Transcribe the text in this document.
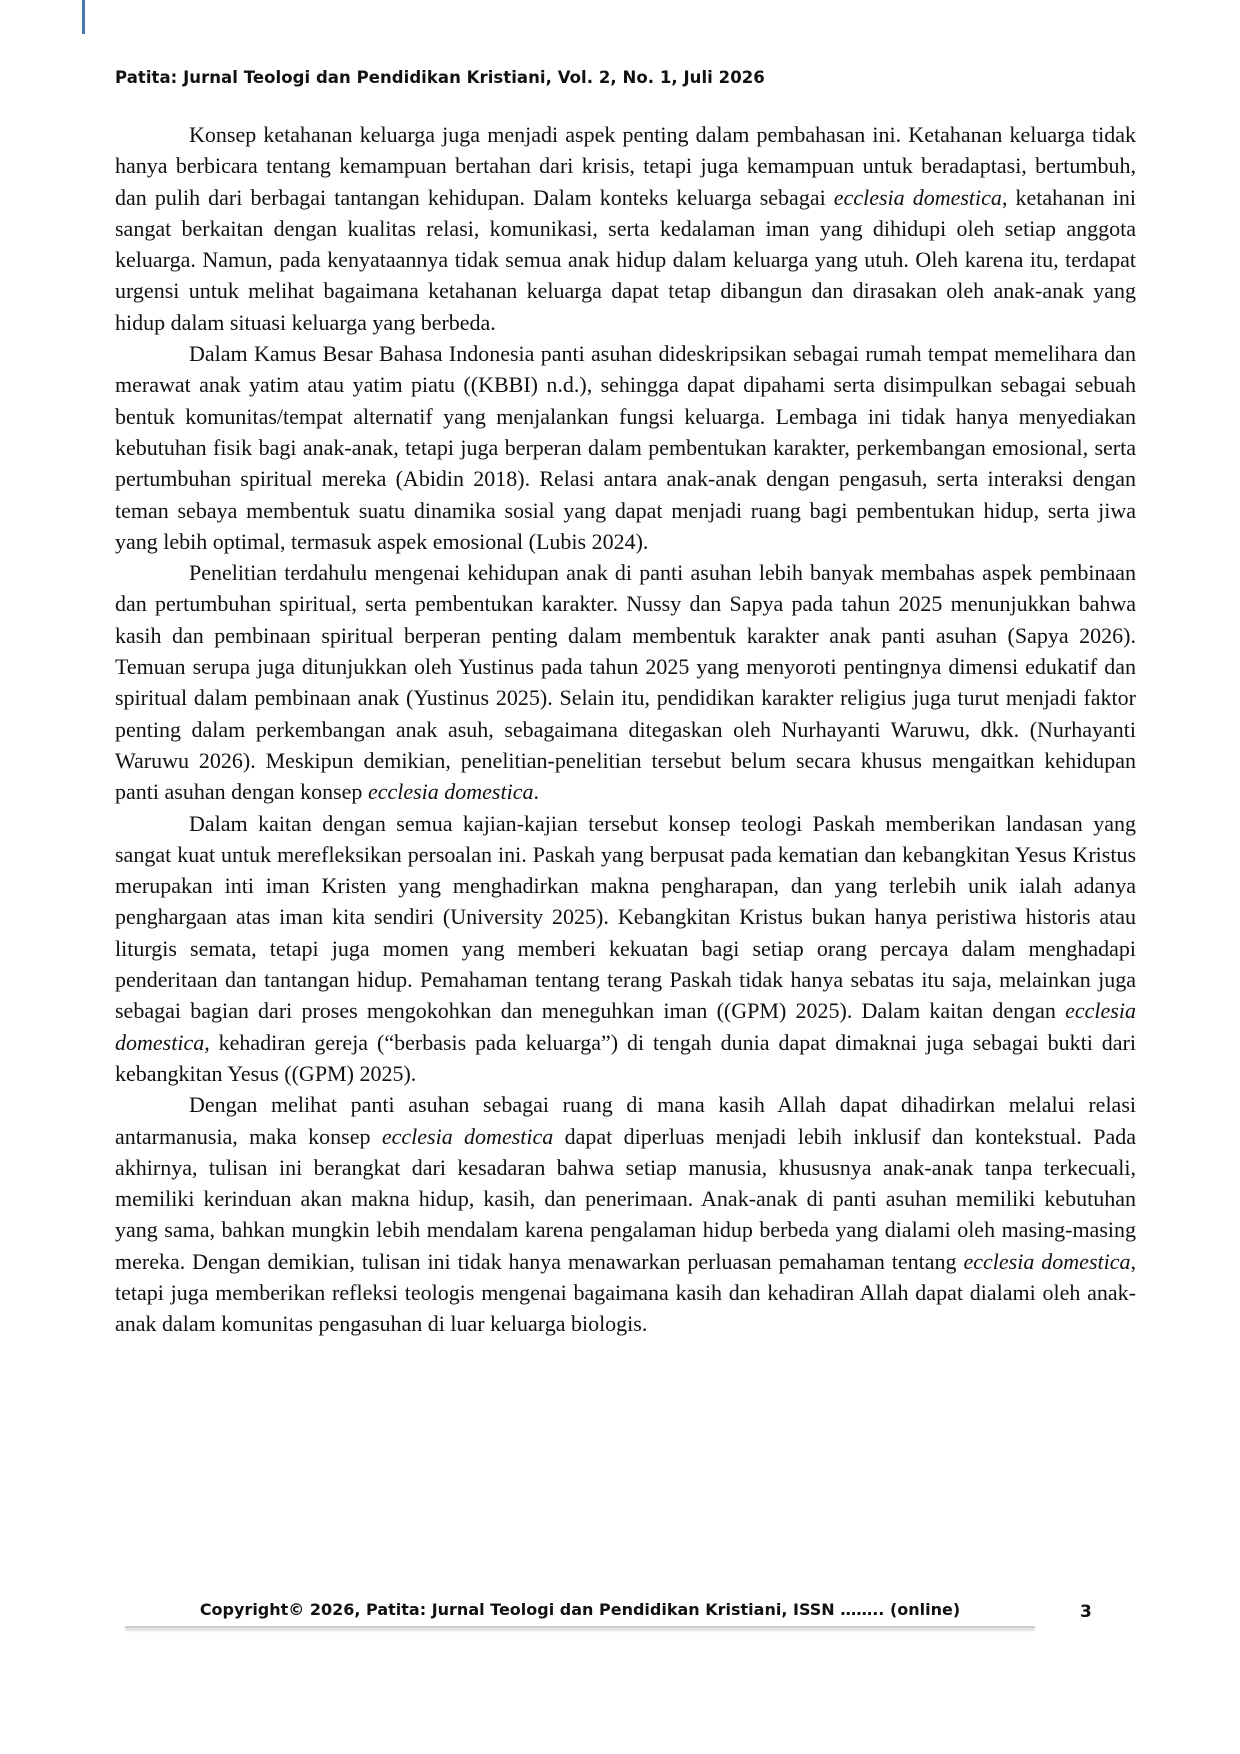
Patita: Jurnal Teologi dan Pendidikan Kristiani, Vol. 2, No. 1, Juli 2026

Konsep ketahanan keluarga juga menjadi aspek penting dalam pembahasan ini. Ketahanan keluarga tidak hanya berbicara tentang kemampuan bertahan dari krisis, tetapi juga kemampuan untuk beradaptasi, bertumbuh, dan pulih dari berbagai tantangan kehidupan. Dalam konteks keluarga sebagai ecclesia domestica, ketahanan ini sangat berkaitan dengan kualitas relasi, komunikasi, serta kedalaman iman yang dihidupi oleh setiap anggota keluarga. Namun, pada kenyataannya tidak semua anak hidup dalam keluarga yang utuh. Oleh karena itu, terdapat urgensi untuk melihat bagaimana ketahanan keluarga dapat tetap dibangun dan dirasakan oleh anak-anak yang hidup dalam situasi keluarga yang berbeda.

Dalam Kamus Besar Bahasa Indonesia panti asuhan dideskripsikan sebagai rumah tempat memelihara dan merawat anak yatim atau yatim piatu ((KBBI) n.d.), sehingga dapat dipahami serta disimpulkan sebagai sebuah bentuk komunitas/tempat alternatif yang menjalankan fungsi keluarga. Lembaga ini tidak hanya menyediakan kebutuhan fisik bagi anak-anak, tetapi juga berperan dalam pembentukan karakter, perkembangan emosional, serta pertumbuhan spiritual mereka (Abidin 2018). Relasi antara anak-anak dengan pengasuh, serta interaksi dengan teman sebaya membentuk suatu dinamika sosial yang dapat menjadi ruang bagi pembentukan hidup, serta jiwa yang lebih optimal, termasuk aspek emosional (Lubis 2024).

Penelitian terdahulu mengenai kehidupan anak di panti asuhan lebih banyak membahas aspek pembinaan dan pertumbuhan spiritual, serta pembentukan karakter. Nussy dan Sapya pada tahun 2025 menunjukkan bahwa kasih dan pembinaan spiritual berperan penting dalam membentuk karakter anak panti asuhan (Sapya 2026). Temuan serupa juga ditunjukkan oleh Yustinus pada tahun 2025 yang menyoroti pentingnya dimensi edukatif dan spiritual dalam pembinaan anak (Yustinus 2025). Selain itu, pendidikan karakter religius juga turut menjadi faktor penting dalam perkembangan anak asuh, sebagaimana ditegaskan oleh Nurhayanti Waruwu, dkk. (Nurhayanti Waruwu 2026). Meskipun demikian, penelitian-penelitian tersebut belum secara khusus mengaitkan kehidupan panti asuhan dengan konsep ecclesia domestica.

Dalam kaitan dengan semua kajian-kajian tersebut konsep teologi Paskah memberikan landasan yang sangat kuat untuk merefleksikan persoalan ini. Paskah yang berpusat pada kematian dan kebangkitan Yesus Kristus merupakan inti iman Kristen yang menghadirkan makna pengharapan, dan yang terlebih unik ialah adanya penghargaan atas iman kita sendiri (University 2025). Kebangkitan Kristus bukan hanya peristiwa historis atau liturgis semata, tetapi juga momen yang memberi kekuatan bagi setiap orang percaya dalam menghadapi penderitaan dan tantangan hidup. Pemahaman tentang terang Paskah tidak hanya sebatas itu saja, melainkan juga sebagai bagian dari proses mengokohkan dan meneguhkan iman ((GPM) 2025). Dalam kaitan dengan ecclesia domestica, kehadiran gereja (“berbasis pada keluarga”) di tengah dunia dapat dimaknai juga sebagai bukti dari kebangkitan Yesus ((GPM) 2025).

Dengan melihat panti asuhan sebagai ruang di mana kasih Allah dapat dihadirkan melalui relasi antarmanusia, maka konsep ecclesia domestica dapat diperluas menjadi lebih inklusif dan kontekstual. Pada akhirnya, tulisan ini berangkat dari kesadaran bahwa setiap manusia, khususnya anak-anak tanpa terkecuali, memiliki kerinduan akan makna hidup, kasih, dan penerimaan. Anak-anak di panti asuhan memiliki kebutuhan yang sama, bahkan mungkin lebih mendalam karena pengalaman hidup berbeda yang dialami oleh masing-masing mereka. Dengan demikian, tulisan ini tidak hanya menawarkan perluasan pemahaman tentang ecclesia domestica, tetapi juga memberikan refleksi teologis mengenai bagaimana kasih dan kehadiran Allah dapat dialami oleh anak-anak dalam komunitas pengasuhan di luar keluarga biologis.

Copyright© 2026, Patita: Jurnal Teologi dan Pendidikan Kristiani, ISSN …….. (online)	3
